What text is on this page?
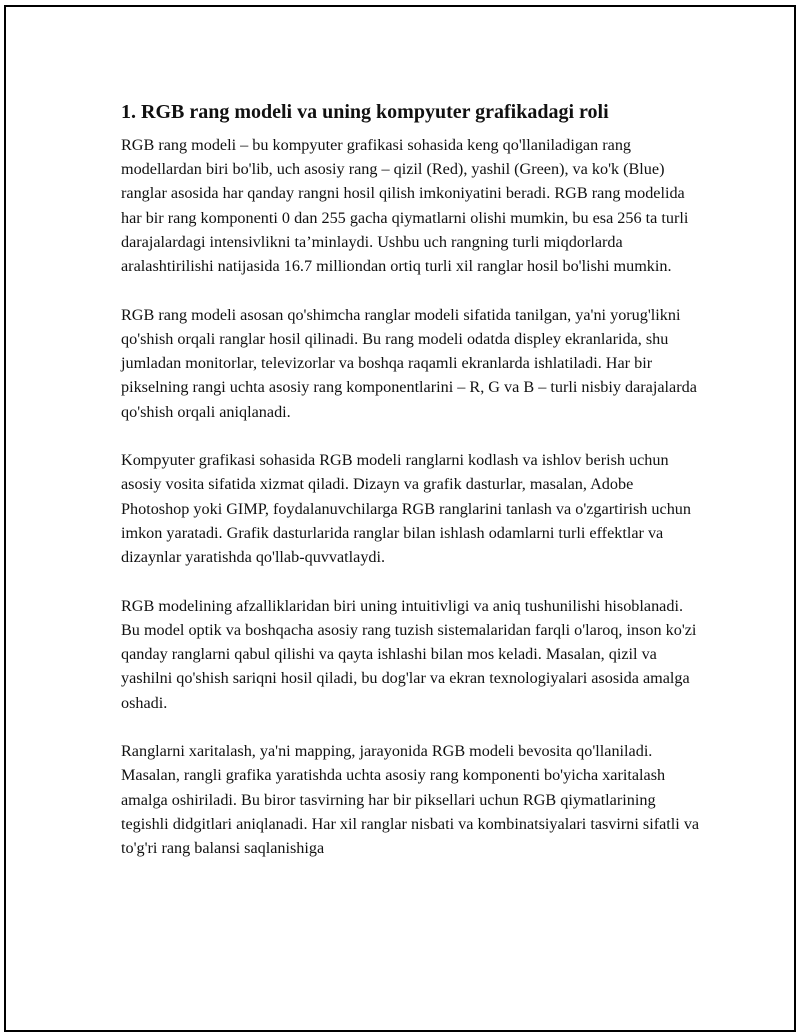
1. RGB rang modeli va uning kompyuter grafikadagi roli

RGB rang modeli – bu kompyuter grafikasi sohasida keng qo'llaniladigan rang modellardan biri bo'lib, uch asosiy rang – qizil (Red), yashil (Green), va ko'k (Blue) ranglar asosida har qanday rangni hosil qilish imkoniyatini beradi. RGB rang modelida har bir rang komponenti 0 dan 255 gacha qiymatlarni olishi mumkin, bu esa 256 ta turli darajalardagi intensivlikni ta’minlaydi. Ushbu uch rangning turli miqdorlarda aralashtirilishi natijasida 16.7 milliondan ortiq turli xil ranglar hosil bo'lishi mumkin.

RGB rang modeli asosan qo'shimcha ranglar modeli sifatida tanilgan, ya'ni yorug'likni qo'shish orqali ranglar hosil qilinadi. Bu rang modeli odatda displey ekranlarida, shu jumladan monitorlar, televizorlar va boshqa raqamli ekranlarda ishlatiladi. Har bir pikselning rangi uchta asosiy rang komponentlarini – R, G va B – turli nisbiy darajalarda qo'shish orqali aniqlanadi.

Kompyuter grafikasi sohasida RGB modeli ranglarni kodlash va ishlov berish uchun asosiy vosita sifatida xizmat qiladi. Dizayn va grafik dasturlar, masalan, Adobe Photoshop yoki GIMP, foydalanuvchilarga RGB ranglarini tanlash va o'zgartirish uchun imkon yaratadi. Grafik dasturlarida ranglar bilan ishlash odamlarni turli effektlar va dizaynlar yaratishda qo'llab-quvvatlaydi.

RGB modelining afzalliklaridan biri uning intuitivligi va aniq tushunilishi hisoblanadi. Bu model optik va boshqacha asosiy rang tuzish sistemalaridan farqli o'laroq, inson ko'zi qanday ranglarni qabul qilishi va qayta ishlashi bilan mos keladi. Masalan, qizil va yashilni qo'shish sariqni hosil qiladi, bu dog'lar va ekran texnologiyalari asosida amalga oshadi.

Ranglarni xaritalash, ya'ni mapping, jarayonida RGB modeli bevosita qo'llaniladi. Masalan, rangli grafika yaratishda uchta asosiy rang komponenti bo'yicha xaritalash amalga oshiriladi. Bu biror tasvirning har bir piksellari uchun RGB qiymatlarining tegishli didgitlari aniqlanadi. Har xil ranglar nisbati va kombinatsiyalari tasvirni sifatli va to'g'ri rang balansi saqlanishiga
